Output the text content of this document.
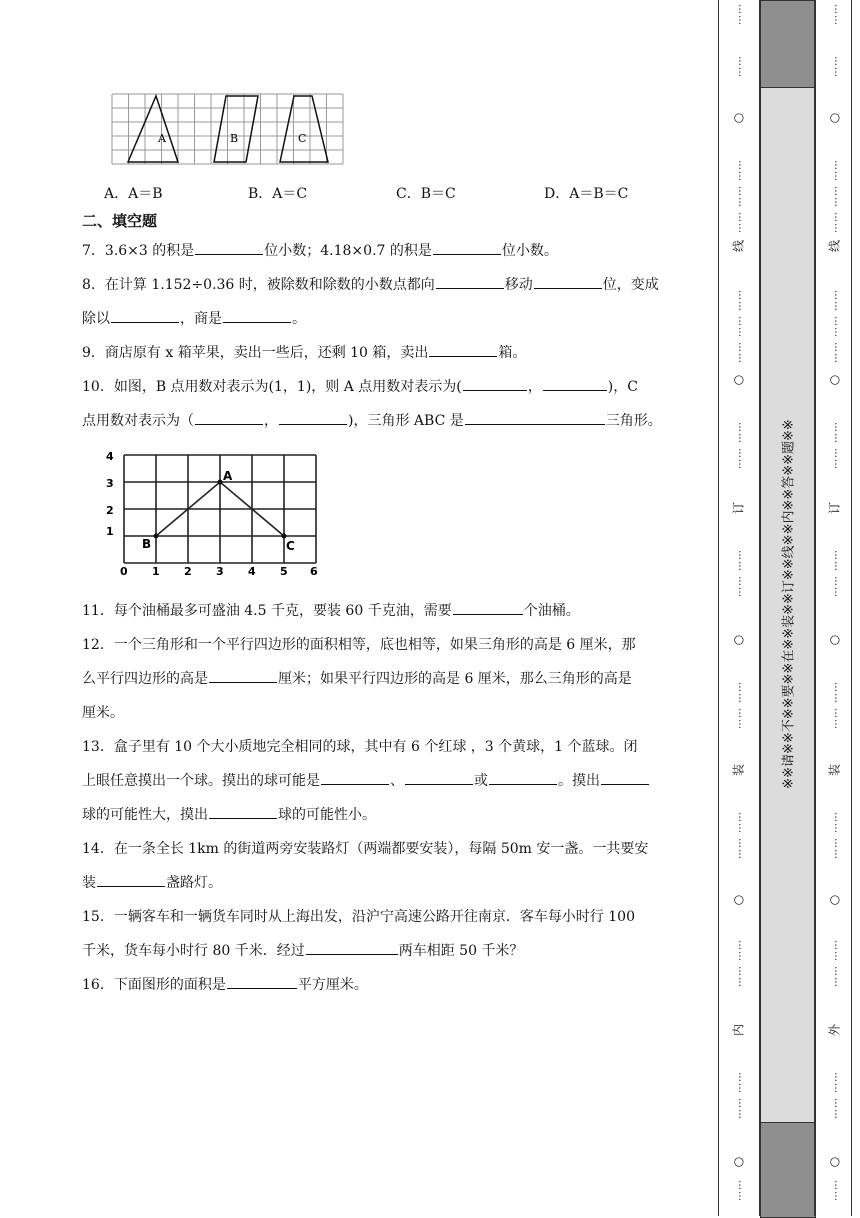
A	B	C
A．A＝B	B．A＝C	C．B＝C	D．A＝B＝C
二、填空题
7．3.6×3 的积是	位小数；4.18×0.7 的积是	位小数。
8．在计算 1.152÷0.36 时，被除数和除数的小数点都向	移动	位，变成
除以	，商是	。
9．商店原有 x 箱苹果，卖出一些后，还剩 10 箱，卖出	箱。
10．如图，B 点用数对表示为(1，1)，则 A 点用数对表示为(	，	)，C
点用数对表示为（	，	)，三角形 ABC 是	三角形。
A
B	C
4
3
2
1
0 1 2 3 4 5 6
11．每个油桶最多可盛油 4.5 千克，要装 60 千克油，需要	个油桶。
12．一个三角形和一个平行四边形的面积相等，底也相等，如果三角形的高是 6 厘米，那
么平行四边形的高是	厘米；如果平行四边形的高是 6 厘米，那么三角形的高是
厘米。
13．盒子里有 10 个大小质地完全相同的球，其中有 6 个红球 ，3 个黄球，1 个蓝球。闭
上眼任意摸出一个球。摸出的球可能是	、	或	。摸出
球的可能性大，摸出	球的可能性小。
14．在一条全长 1km 的街道两旁安装路灯（两端都要安装），每隔 50m 安一盏。一共要安
装	盏路灯。
15．一辆客车和一辆货车同时从上海出发，沿沪宁高速公路开往南京．客车每小时行 100
千米，货车每小时行 80 千米．经过	两车相距 50 千米？
16．下面图形的面积是	平方厘米。
※※请※※不※※要※※在※※装※※订※※线※※内※※答※※题※※
……
……
……
……
……
……
……
……
……
……
……
……
……
……
……
……
……
……
……
……
……
○
○
○
○
○
线
订
装
内
……
……
……
……
……
……
……
……
……
……
……
……
……
……
……
……
……
……
……
……
……
○
○
○
○
○
线
订
装
外
